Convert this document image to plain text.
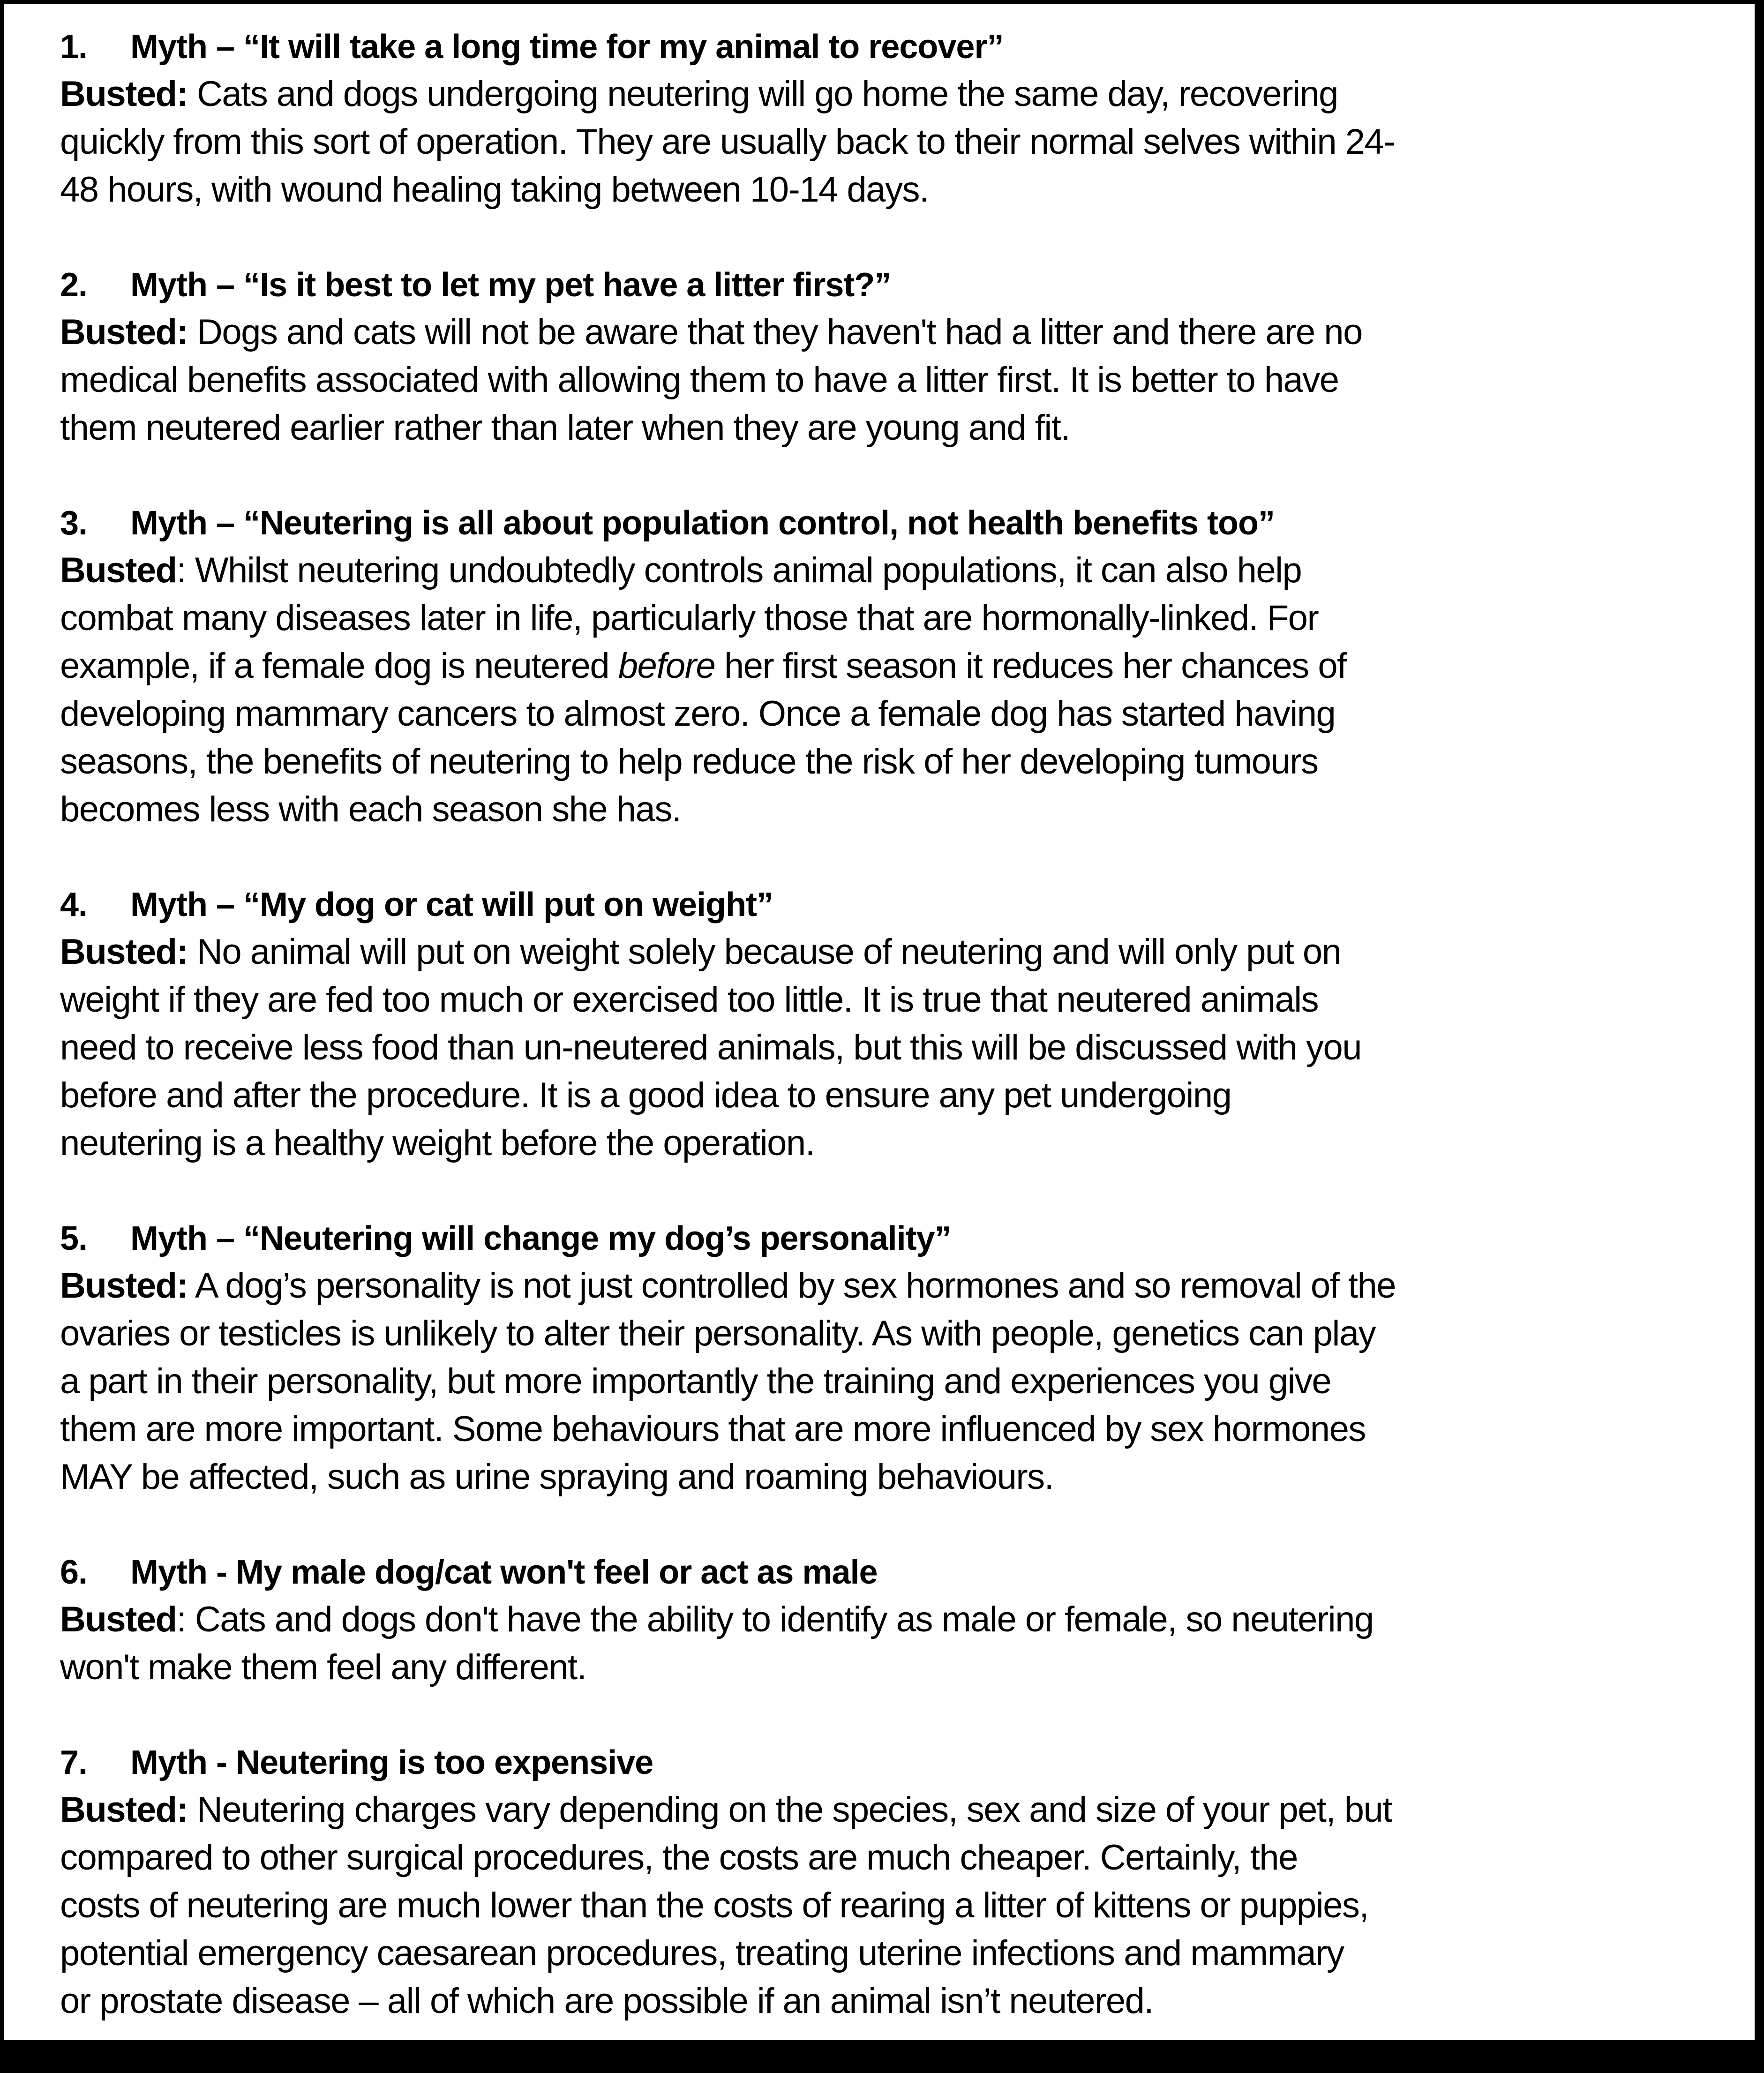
1. Myth – “It will take a long time for my animal to recover”
Busted: Cats and dogs undergoing neutering will go home the same day, recovering
quickly from this sort of operation. They are usually back to their normal selves within 24-
48 hours, with wound healing taking between 10-14 days.
2. Myth – “Is it best to let my pet have a litter first?”
Busted: Dogs and cats will not be aware that they haven't had a litter and there are no
medical benefits associated with allowing them to have a litter first. It is better to have
them neutered earlier rather than later when they are young and fit.
3. Myth – “Neutering is all about population control, not health benefits too”
Busted: Whilst neutering undoubtedly controls animal populations, it can also help
combat many diseases later in life, particularly those that are hormonally-linked. For
example, if a female dog is neutered before her first season it reduces her chances of
developing mammary cancers to almost zero. Once a female dog has started having
seasons, the benefits of neutering to help reduce the risk of her developing tumours
becomes less with each season she has.
4. Myth – “My dog or cat will put on weight”
Busted: No animal will put on weight solely because of neutering and will only put on
weight if they are fed too much or exercised too little. It is true that neutered animals
need to receive less food than un-neutered animals, but this will be discussed with you
before and after the procedure. It is a good idea to ensure any pet undergoing
neutering is a healthy weight before the operation.
5. Myth – “Neutering will change my dog’s personality”
Busted: A dog’s personality is not just controlled by sex hormones and so removal of the
ovaries or testicles is unlikely to alter their personality. As with people, genetics can play
a part in their personality, but more importantly the training and experiences you give
them are more important. Some behaviours that are more influenced by sex hormones
MAY be affected, such as urine spraying and roaming behaviours.
6. Myth - My male dog/cat won't feel or act as male
Busted: Cats and dogs don't have the ability to identify as male or female, so neutering
won't make them feel any different.
7. Myth - Neutering is too expensive
Busted: Neutering charges vary depending on the species, sex and size of your pet, but
compared to other surgical procedures, the costs are much cheaper. Certainly, the
costs of neutering are much lower than the costs of rearing a litter of kittens or puppies,
potential emergency caesarean procedures, treating uterine infections and mammary
or prostate disease – all of which are possible if an animal isn’t neutered.
